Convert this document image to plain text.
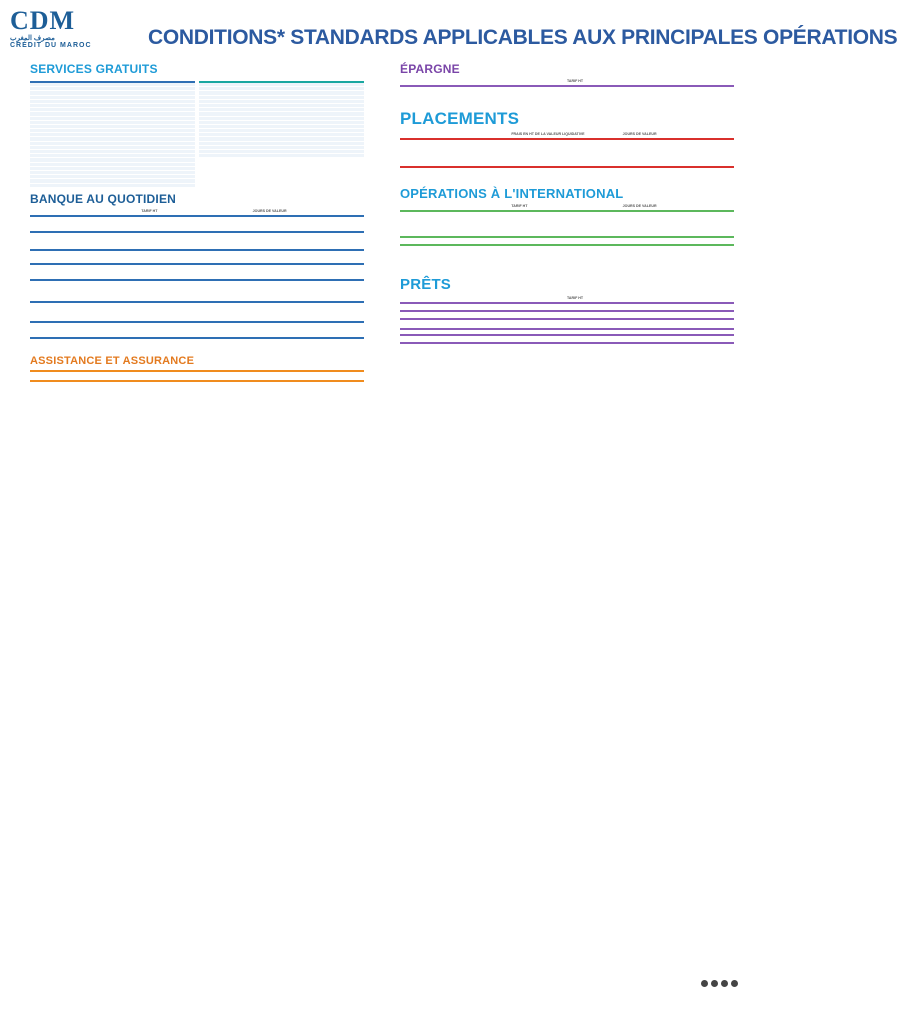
CDM
مصرف المغرب
CRÉDIT DU MAROC	CONDITIONS* STANDARDS APPLICABLES AUX PRINCIPALES OPÉRATIONS
SERVICES GRATUITS
BANQUE AU QUOTIDIEN
TARIF HT	JOURS DE VALEUR
ASSISTANCE ET ASSURANCE
ÉPARGNE
TARIF HT
PLACEMENTS
FRAIS EN HT DE LA VALEUR LIQUIDATIVE	JOURS DE VALEUR
OPÉRATIONS À L'INTERNATIONAL
TARIF HT	JOURS DE VALEUR
PRÊTS
TARIF HT
